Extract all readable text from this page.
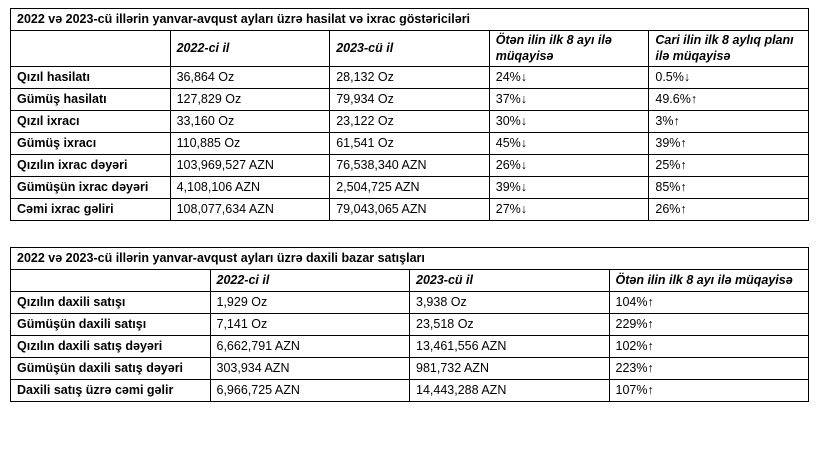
2022 və 2023-cü illərin yanvar-avqust ayları üzrə hasilat və ixrac göstəriciləri				
	2022-ci il	2023-cü il	Ötən ilin ilk 8 ayı ilə müqayisə	Cari ilin ilk 8 aylıq planı ilə müqayisə
Qızıl hasilatı	36,864 Oz	28,132 Oz	24%↓	0.5%↓
Gümüş hasilatı	127,829 Oz	79,934 Oz	37%↓	49.6%↑
Qızıl ixracı	33,160 Oz	23,122 Oz	30%↓	3%↑
Gümüş ixracı	110,885 Oz	61,541 Oz	45%↓	39%↑
Qızılın ixrac dəyəri	103,969,527 AZN	76,538,340 AZN	26%↓	25%↑
Gümüşün ixrac dəyəri	4,108,106 AZN	2,504,725 AZN	39%↓	85%↑
Cəmi ixrac gəliri	108,077,634 AZN	79,043,065 AZN	27%↓	26%↑
2022 və 2023-cü illərin yanvar-avqust ayları üzrə daxili bazar satışları			
	2022-ci il	2023-cü il	Ötən ilin ilk 8 ayı ilə müqayisə
Qızılın daxili satışı	1,929 Oz	3,938 Oz	104%↑
Gümüşün daxili satışı	7,141 Oz	23,518 Oz	229%↑
Qızılın daxili satış dəyəri	6,662,791 AZN	13,461,556 AZN	102%↑
Gümüşün daxili satış dəyəri	303,934 AZN	981,732 AZN	223%↑
Daxili satış üzrə cəmi gəlir	6,966,725 AZN	14,443,288 AZN	107%↑
